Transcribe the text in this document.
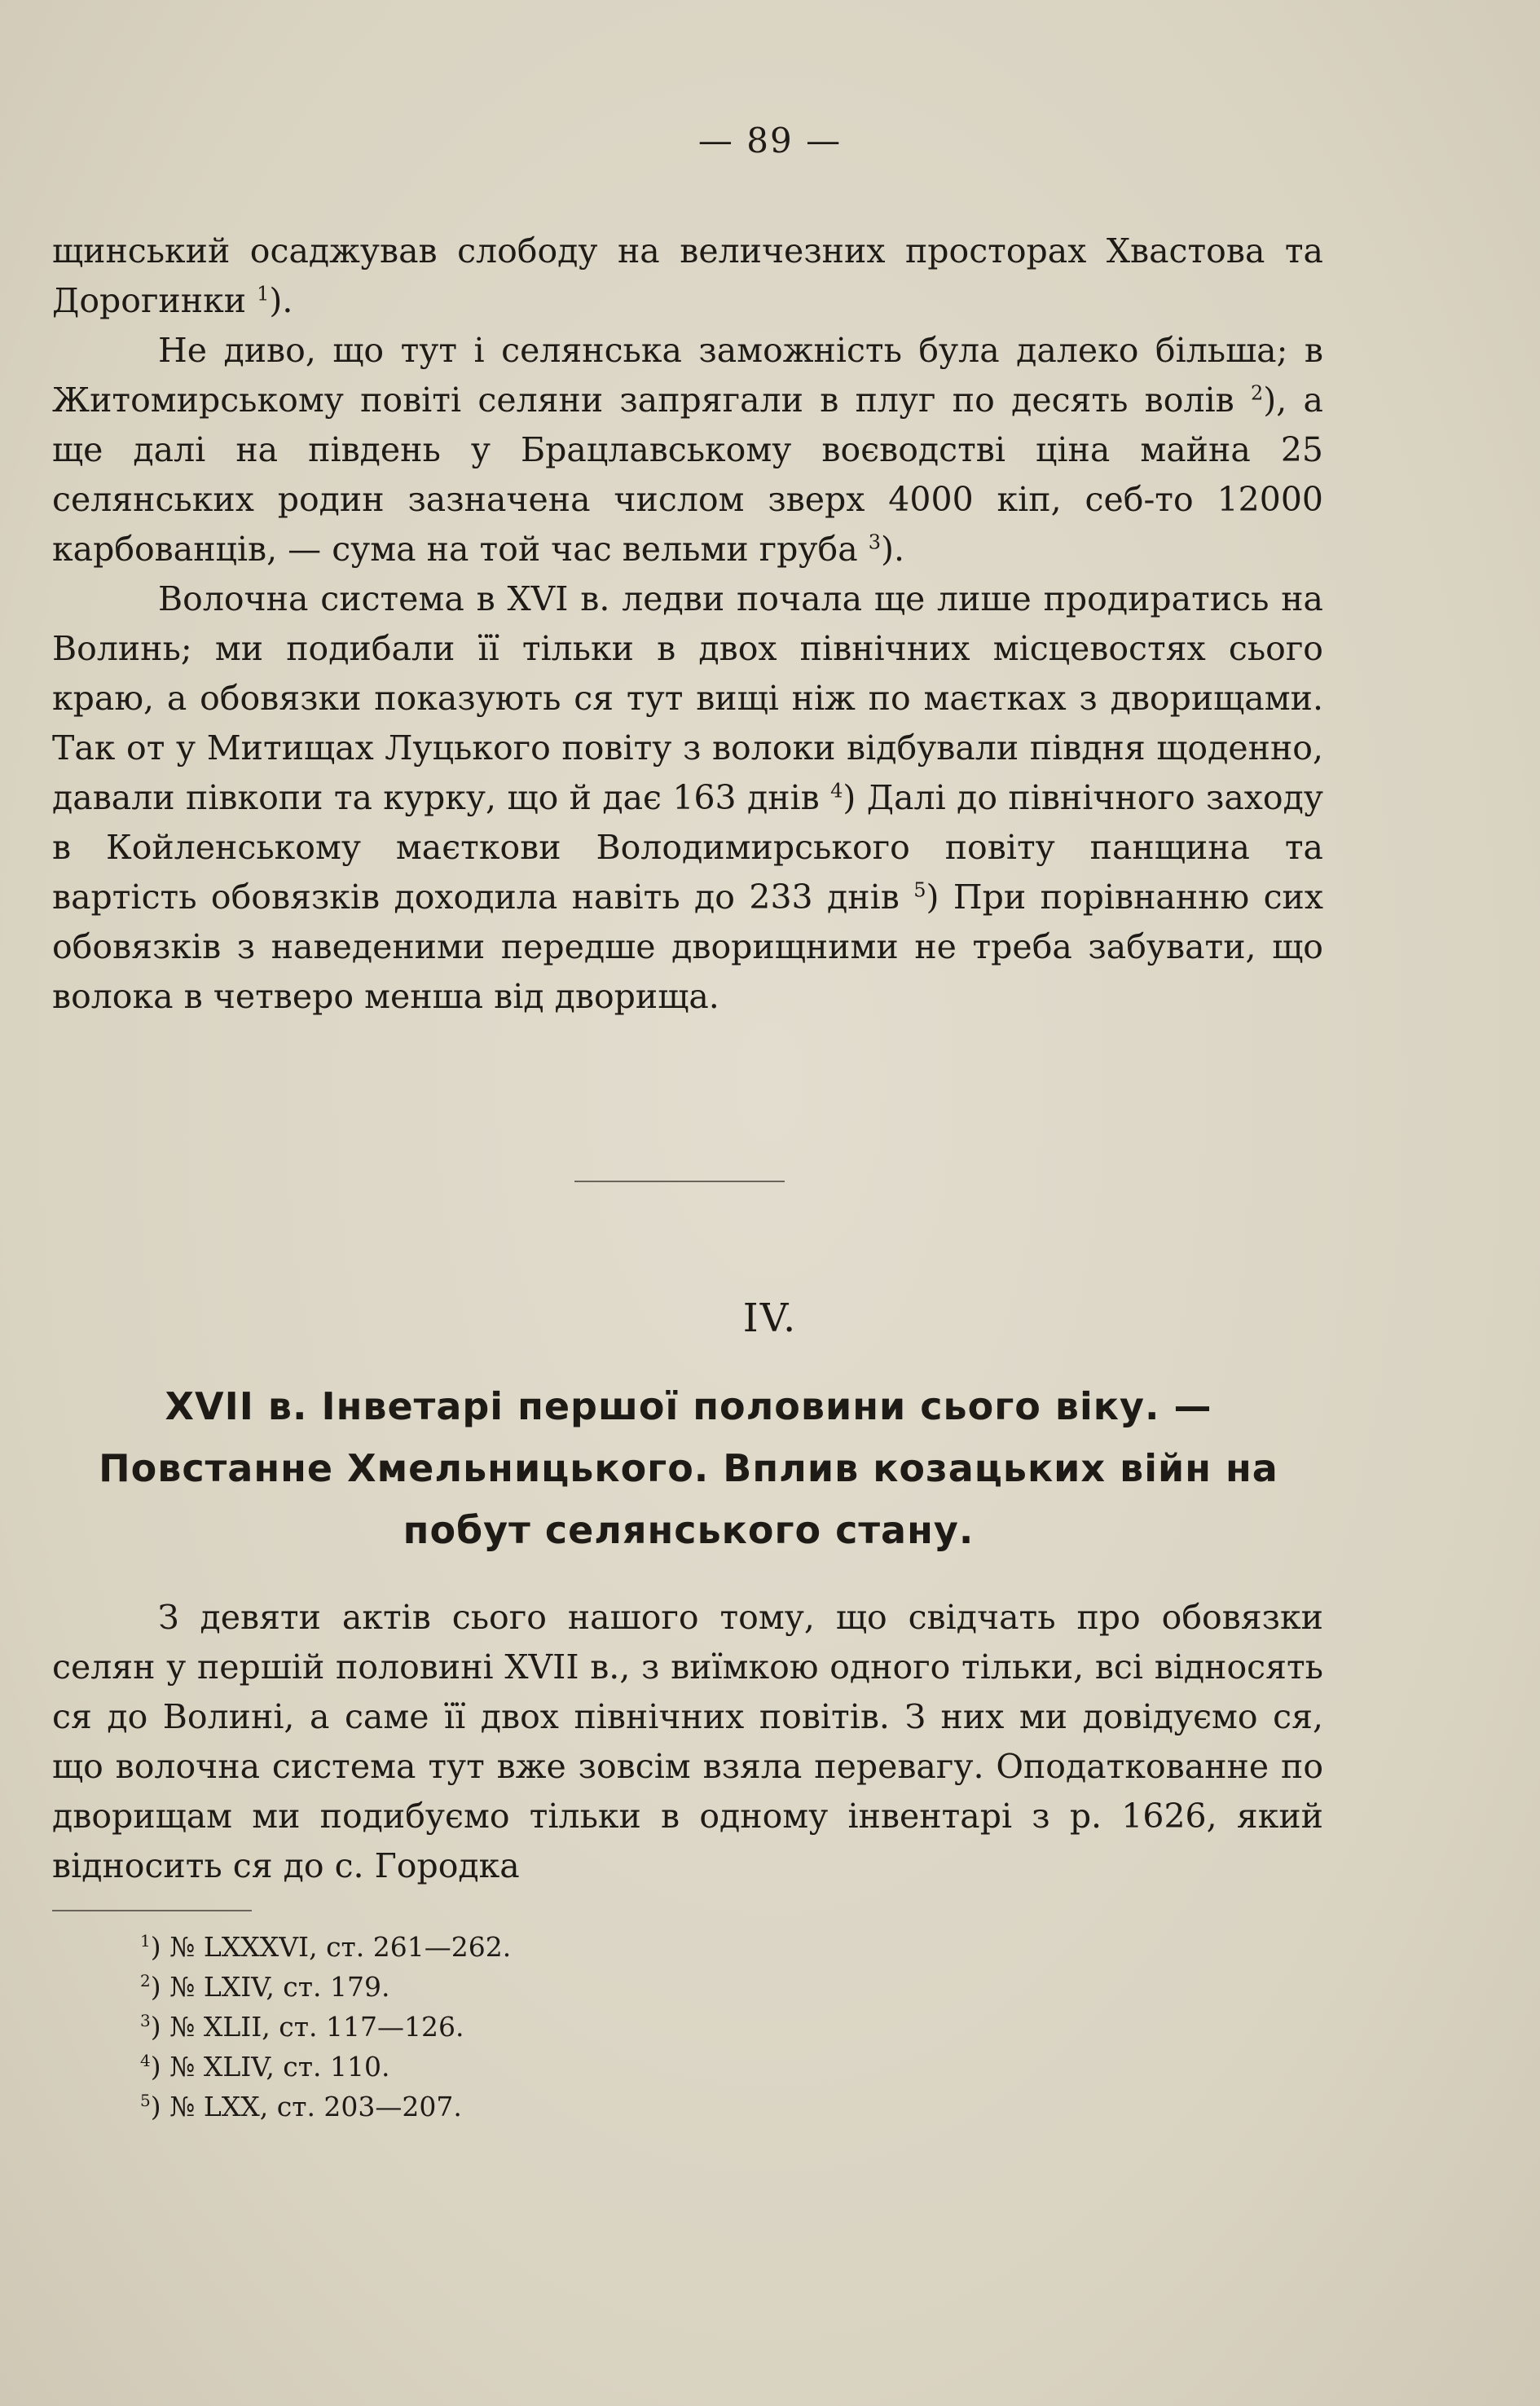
— 89 —

щинський осаджував слободу на величезних просторах Хвастова та Дорогинки $^1$).

Не диво, що тут і селянська заможність була далеко більша; в Житомирському повіті селяни запрягали в плуг по десять волів $^2$), а ще далі на південь у Брацлавському воєводстві ціна майна 25 селянських родин зазначена числом зверх 4000 кіп, себ-то 12000 карбованців, — сума на той час вельми груба $^3$).

Волочна система в XVI в. ледви почала ще лише продиратись на Волинь; ми подибали її тільки в двох північних місцевостях сього краю, а обовязки показують ся тут вищі ніж по маєтках з дворищами. Так от у Митищах Луцького повіту з волоки відбували півдня щоденно, давали півкопи та курку, що й дає 163 днів $^4$) Далі до північного заходу в Койленському маєткови Володимирського повіту панщина та вартість обовязків доходила навіть до 233 днів $^5$) При порівнанню сих обовязків з наведеними передше дворищними не треба забувати, що волока в четверо менша від дворища.

IV.
XVII в. Інветарі першої половини сього віку. — Повстанне Хмельницького. Вплив козацьких війн на побут селянського стану.

З девяти актів сього нашого тому, що свідчать про обовязки селян у першій половині XVII в., з виїмкою одного тільки, всі відносять ся до Волині, а саме її двох північних повітів. З них ми довідуємо ся, що волочна система тут вже зовсім взяла перевагу. Оподаткованне по дворищам ми подибуємо тільки в одному інвентарі з р. 1626, який відносить ся до с. Городка

$^1$) № LXXXVI, ст. 261—262.
$^2$) № LXIV, ст. 179.
$^3$) № XLII, ст. 117—126.
$^4$) № XLIV, ст. 110.
$^5$) № LXX, ст. 203—207.
